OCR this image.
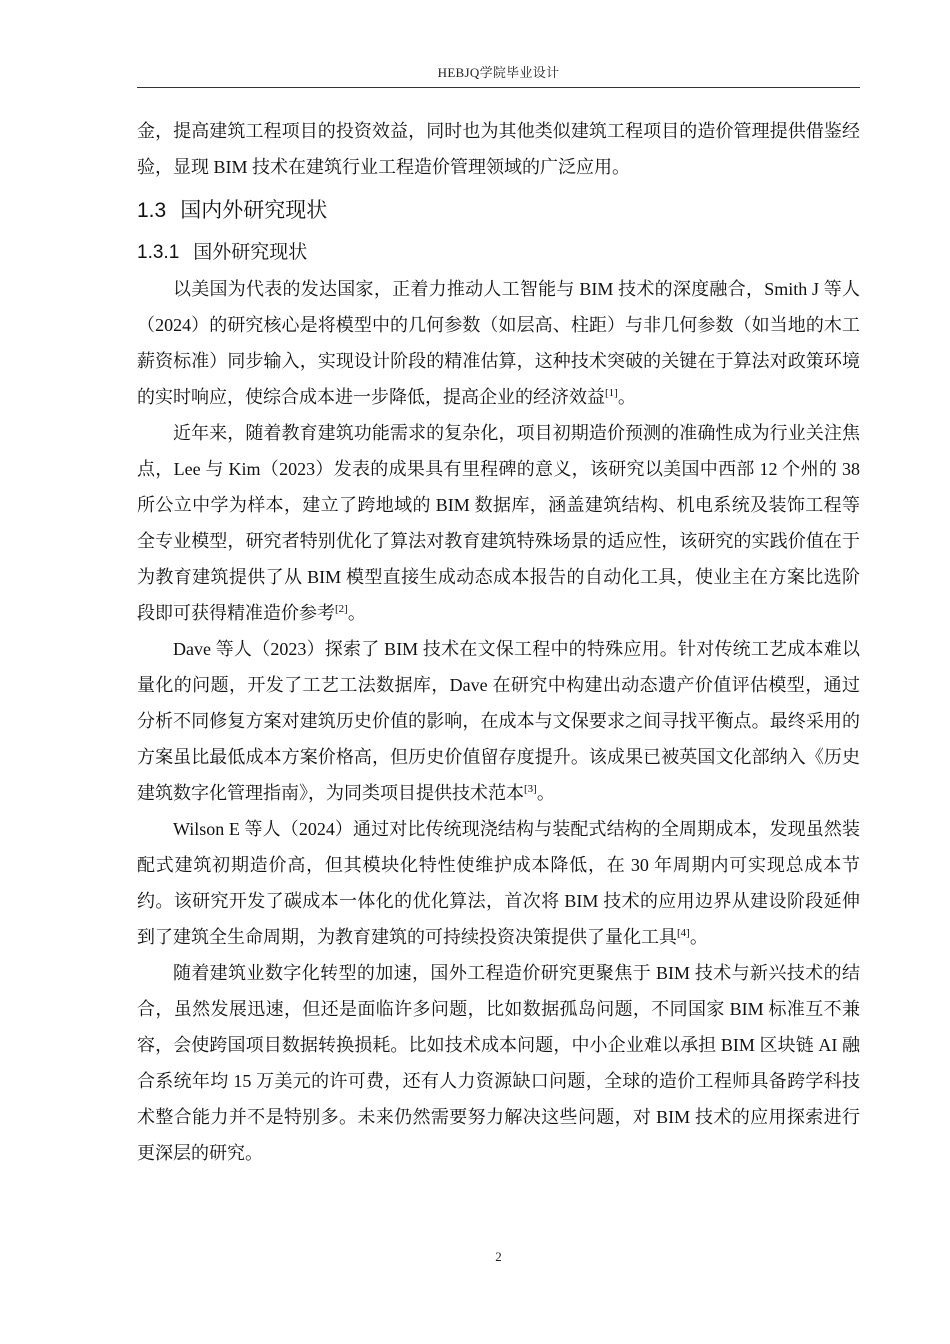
HEBJQ学院毕业设计

金，提高建筑工程项目的投资效益，同时也为其他类似建筑工程项目的造价管理提供借鉴经验，显现 BIM 技术在建筑行业工程造价管理领域的广泛应用。

1.3 国内外研究现状
1.3.1 国外研究现状

以美国为代表的发达国家，正着力推动人工智能与 BIM 技术的深度融合，Smith J 等人（2024）的研究核心是将模型中的几何参数（如层高、柱距）与非几何参数（如当地的木工薪资标准）同步输入，实现设计阶段的精准估算，这种技术突破的关键在于算法对政策环境的实时响应，使综合成本进一步降低，提高企业的经济效益[1]。

近年来，随着教育建筑功能需求的复杂化，项目初期造价预测的准确性成为行业关注焦点，Lee 与 Kim（2023）发表的成果具有里程碑的意义，该研究以美国中西部 12 个州的 38 所公立中学为样本，建立了跨地域的 BIM 数据库，涵盖建筑结构、机电系统及装饰工程等全专业模型，研究者特别优化了算法对教育建筑特殊场景的适应性，该研究的实践价值在于为教育建筑提供了从 BIM 模型直接生成动态成本报告的自动化工具，使业主在方案比选阶段即可获得精准造价参考[2]。

Dave 等人（2023）探索了 BIM 技术在文保工程中的特殊应用。针对传统工艺成本难以量化的问题，开发了工艺工法数据库，Dave 在研究中构建出动态遗产价值评估模型，通过分析不同修复方案对建筑历史价值的影响，在成本与文保要求之间寻找平衡点。最终采用的方案虽比最低成本方案价格高，但历史价值留存度提升。该成果已被英国文化部纳入《历史建筑数字化管理指南》，为同类项目提供技术范本[3]。

Wilson E 等人（2024）通过对比传统现浇结构与装配式结构的全周期成本，发现虽然装配式建筑初期造价高，但其模块化特性使维护成本降低，在 30 年周期内可实现总成本节约。该研究开发了碳成本一体化的优化算法，首次将 BIM 技术的应用边界从建设阶段延伸到了建筑全生命周期，为教育建筑的可持续投资决策提供了量化工具[4]。

随着建筑业数字化转型的加速，国外工程造价研究更聚焦于 BIM 技术与新兴技术的结合，虽然发展迅速，但还是面临许多问题，比如数据孤岛问题，不同国家 BIM 标准互不兼容，会使跨国项目数据转换损耗。比如技术成本问题，中小企业难以承担 BIM 区块链 AI 融合系统年均 15 万美元的许可费，还有人力资源缺口问题，全球的造价工程师具备跨学科技术整合能力并不是特别多。未来仍然需要努力解决这些问题，对 BIM 技术的应用探索进行更深层的研究。

2
